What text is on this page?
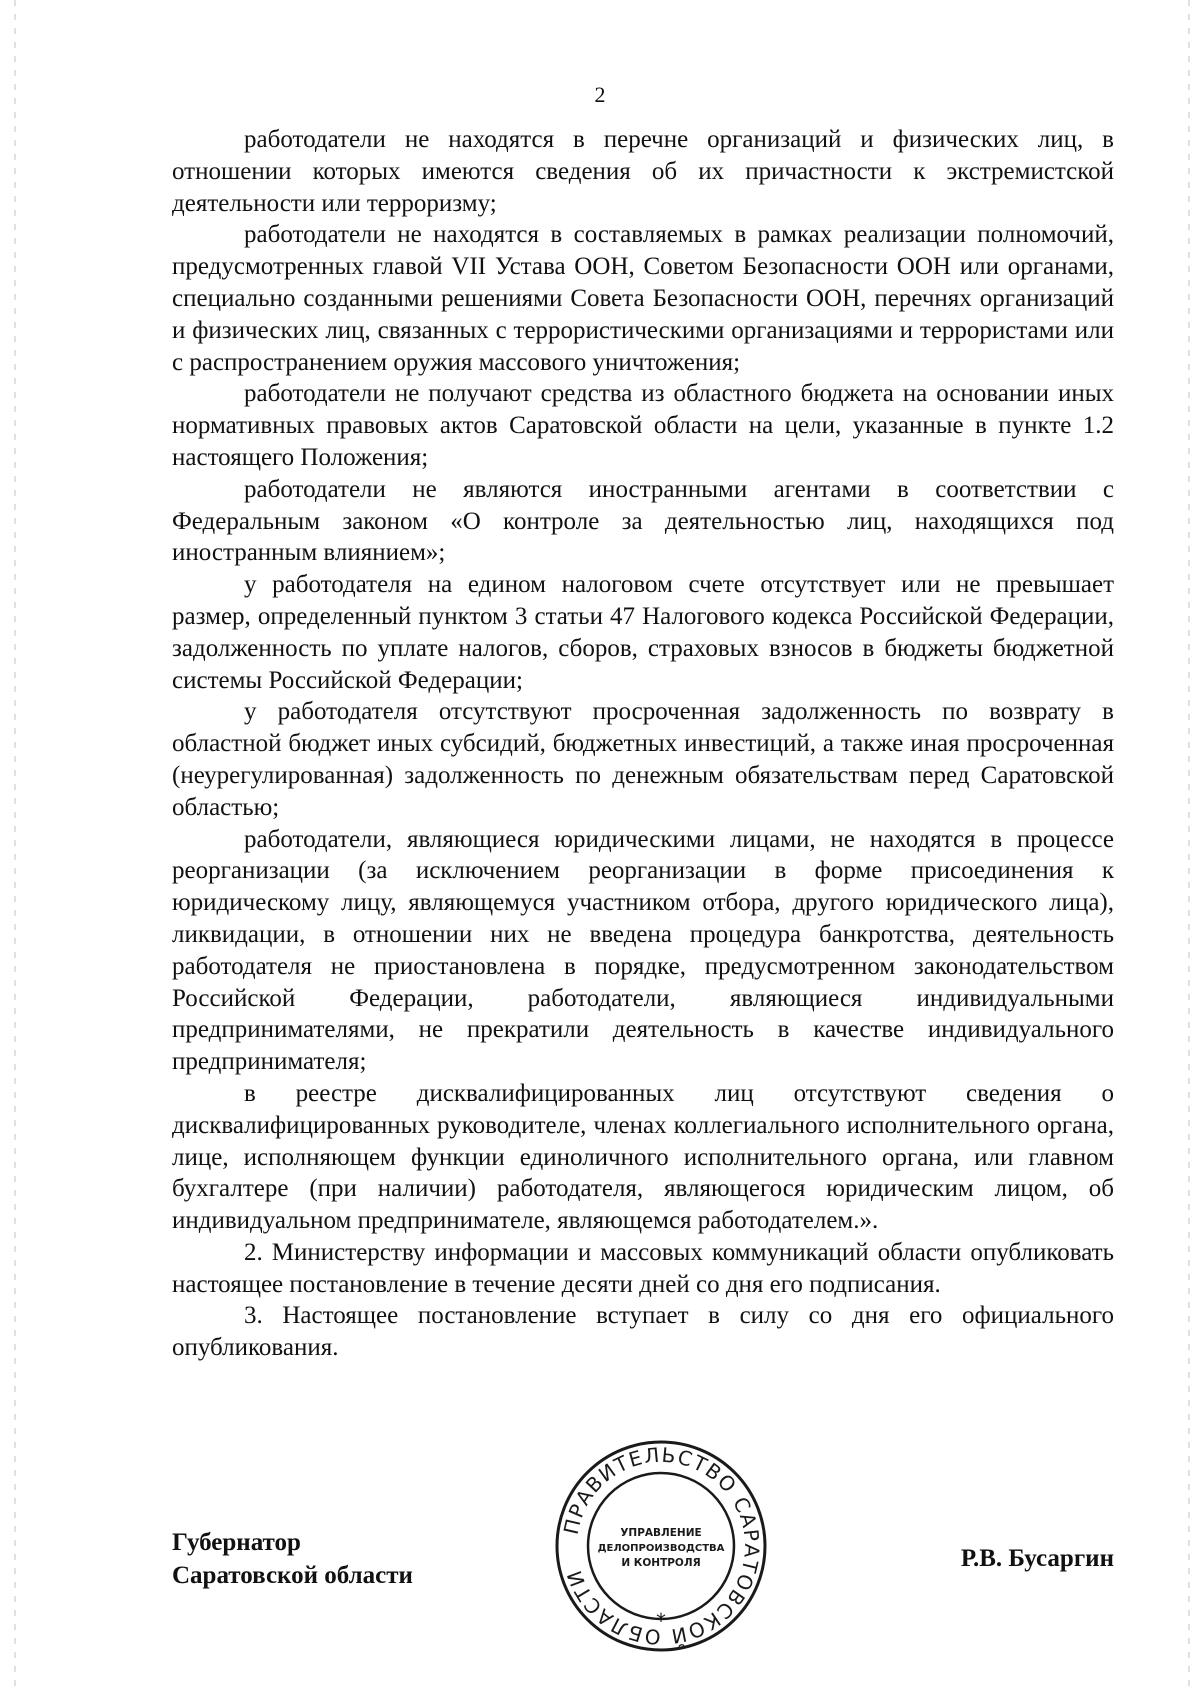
2

работодатели не находятся в перечне организаций и физических лиц, в отношении которых имеются сведения об их причастности к экстремистской деятельности или терроризму;

работодатели не находятся в составляемых в рамках реализации полномочий, предусмотренных главой VII Устава ООН, Советом Безопасности ООН или органами, специально созданными решениями Совета Безопасности ООН, перечнях организаций и физических лиц, связанных с террористическими организациями и террористами или с распространением оружия массового уничтожения;

работодатели не получают средства из областного бюджета на основании иных нормативных правовых актов Саратовской области на цели, указанные в пункте 1.2 настоящего Положения;

работодатели не являются иностранными агентами в соответствии с Федеральным законом «О контроле за деятельностью лиц, находящихся под иностранным влиянием»;

у работодателя на едином налоговом счете отсутствует или не превышает размер, определенный пунктом 3 статьи 47 Налогового кодекса Российской Федерации, задолженность по уплате налогов, сборов, страховых взносов в бюджеты бюджетной системы Российской Федерации;

у работодателя отсутствуют просроченная задолженность по возврату в областной бюджет иных субсидий, бюджетных инвестиций, а также иная просроченная (неурегулированная) задолженность по денежным обязательствам перед Саратовской областью;

работодатели, являющиеся юридическими лицами, не находятся в процессе реорганизации (за исключением реорганизации в форме присоединения к юридическому лицу, являющемуся участником отбора, другого юридического лица), ликвидации, в отношении них не введена процедура банкротства, деятельность работодателя не приостановлена в порядке, предусмотренном законодательством Российской Федерации, работодатели, являющиеся индивидуальными предпринимателями, не прекратили деятельность в качестве индивидуального предпринимателя;

в реестре дисквалифицированных лиц отсутствуют сведения о дисквалифицированных руководителе, членах коллегиального исполнительного органа, лице, исполняющем функции единоличного исполнительного органа, или главном бухгалтере (при наличии) работодателя, являющегося юридическим лицом, об индивидуальном предпринимателе, являющемся работодателем.».

2. Министерству информации и массовых коммуникаций области опубликовать настоящее постановление в течение десяти дней со дня его подписания.

3. Настоящее постановление вступает в силу со дня его официального опубликования.

Губернатор
Саратовской области
Р.В. Бусаргин
ПРАВИТЕЛЬСТВО САРАТОВСКОЙ ОБЛАСТИ
*
УПРАВЛЕНИЕ
ДЕЛОПРОИЗВОДСТВА
И КОНТРОЛЯ
